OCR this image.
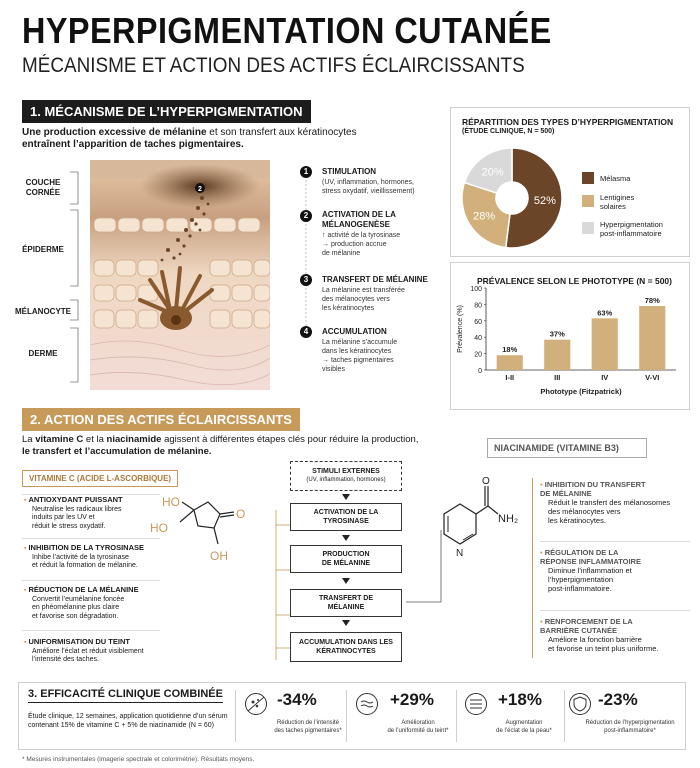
HYPERPIGMENTATION CUTANÉE
MÉCANISME ET ACTION DES ACTIFS ÉCLAIRCISSANTS
1. MÉCANISME DE L’HYPERPIGMENTATION
Une production excessive de mélanine et son transfert aux kératinocytes
entraînent l’apparition de taches pigmentaires.
COUCHE
CORNÉE
ÉPIDERME
MÉLANOCYTE
DERME
2
1	STIMULATION
(UV, inflammation, hormones,
stress oxydatif, vieillissement)
2	ACTIVATION DE LA
MÉLANOGENÈSE
↑ activité de la tyrosinase
→ production accrue
de mélanine
3	TRANSFERT DE MÉLANINE
La mélanine est transférée
des mélanocytes vers
les kératinocytes
4	ACCUMULATION
La mélanine s’accumule
dans les kératinocytes
→ taches pigmentaires
visibles
RÉPARTITION DES TYPES D’HYPERPIGMENTATION
(ÉTUDE CLINIQUE, N = 500)
52%
28%
20%
Mélasma
Lentigines
solaires
Hyperpigmentation
post-inflammatoire
PRÉVALENCE SELON LE PHOTOTYPE (N = 500)
0
20
40
60
80
100
18%
I-II
37%
III
63%
IV
78%
V-VI
Phototype (Fitzpatrick)
Prévalence (%)
2. ACTION DES ACTIFS ÉCLAIRCISSANTS
La vitamine C et la niacinamide agissent à différentes étapes clés pour réduire la production,
le transfert et l’accumulation de mélanine.
VITAMINE C (ACIDE L-ASCORBIQUE)
▪ ANTIOXYDANT PUISSANT
Neutralise les radicaux libres
induits par les UV et
réduit le stress oxydatif.
▪ INHIBITION DE LA TYROSINASE
Inhibe l’activité de la tyrosinase
et réduit la formation de mélanine.
▪ RÉDUCTION DE LA MÉLANINE
Convertit l’eumélanine foncée
en phéomélanine plus claire
et favorise son dégradation.
▪ UNIFORMISATION DU TEINT
Améliore l’éclat et réduit visiblement
l’intensité des taches.
HO
HO
O
OH
STIMULI EXTERNES
(UV, inflammation, hormones)
ACTIVATION DE LA
TYROSINASE
PRODUCTION
DE MÉLANINE
TRANSFERT DE
MÉLANINE
ACCUMULATION DANS LES
KÉRATINOCYTES
O
NH₂
N
NIACINAMIDE (VITAMINE B3)
▪ INHIBITION DU TRANSFERT
DE MÉLANINE
Réduit le transfert des mélanosomes
des mélanocytes vers
les kératinocytes.
▪ RÉGULATION DE LA
RÉPONSE INFLAMMATOIRE
Diminue l’inflammation et
l’hyperpigmentation
post-inflammatoire.
▪ RENFORCEMENT DE LA
BARRIÈRE CUTANÉE
Améliore la fonction barrière
et favorise un teint plus uniforme.
3. EFFICACITÉ CLINIQUE COMBINÉE
Étude clinique, 12 semaines, application quotidienne d’un sérum
contenant 15% de vitamine C + 5% de niacinamide (N = 60)
-34%
Réduction de l’intensité
des taches pigmentaires*
+29%
Amélioration
de l’uniformité du teint*
+18%
Augmentation
de l’éclat de la peau*
-23%
Réduction de l’hyperpigmentation
post-inflammatoire*
* Mesures instrumentales (imagerie spectrale et colorimétrie). Résultats moyens.
